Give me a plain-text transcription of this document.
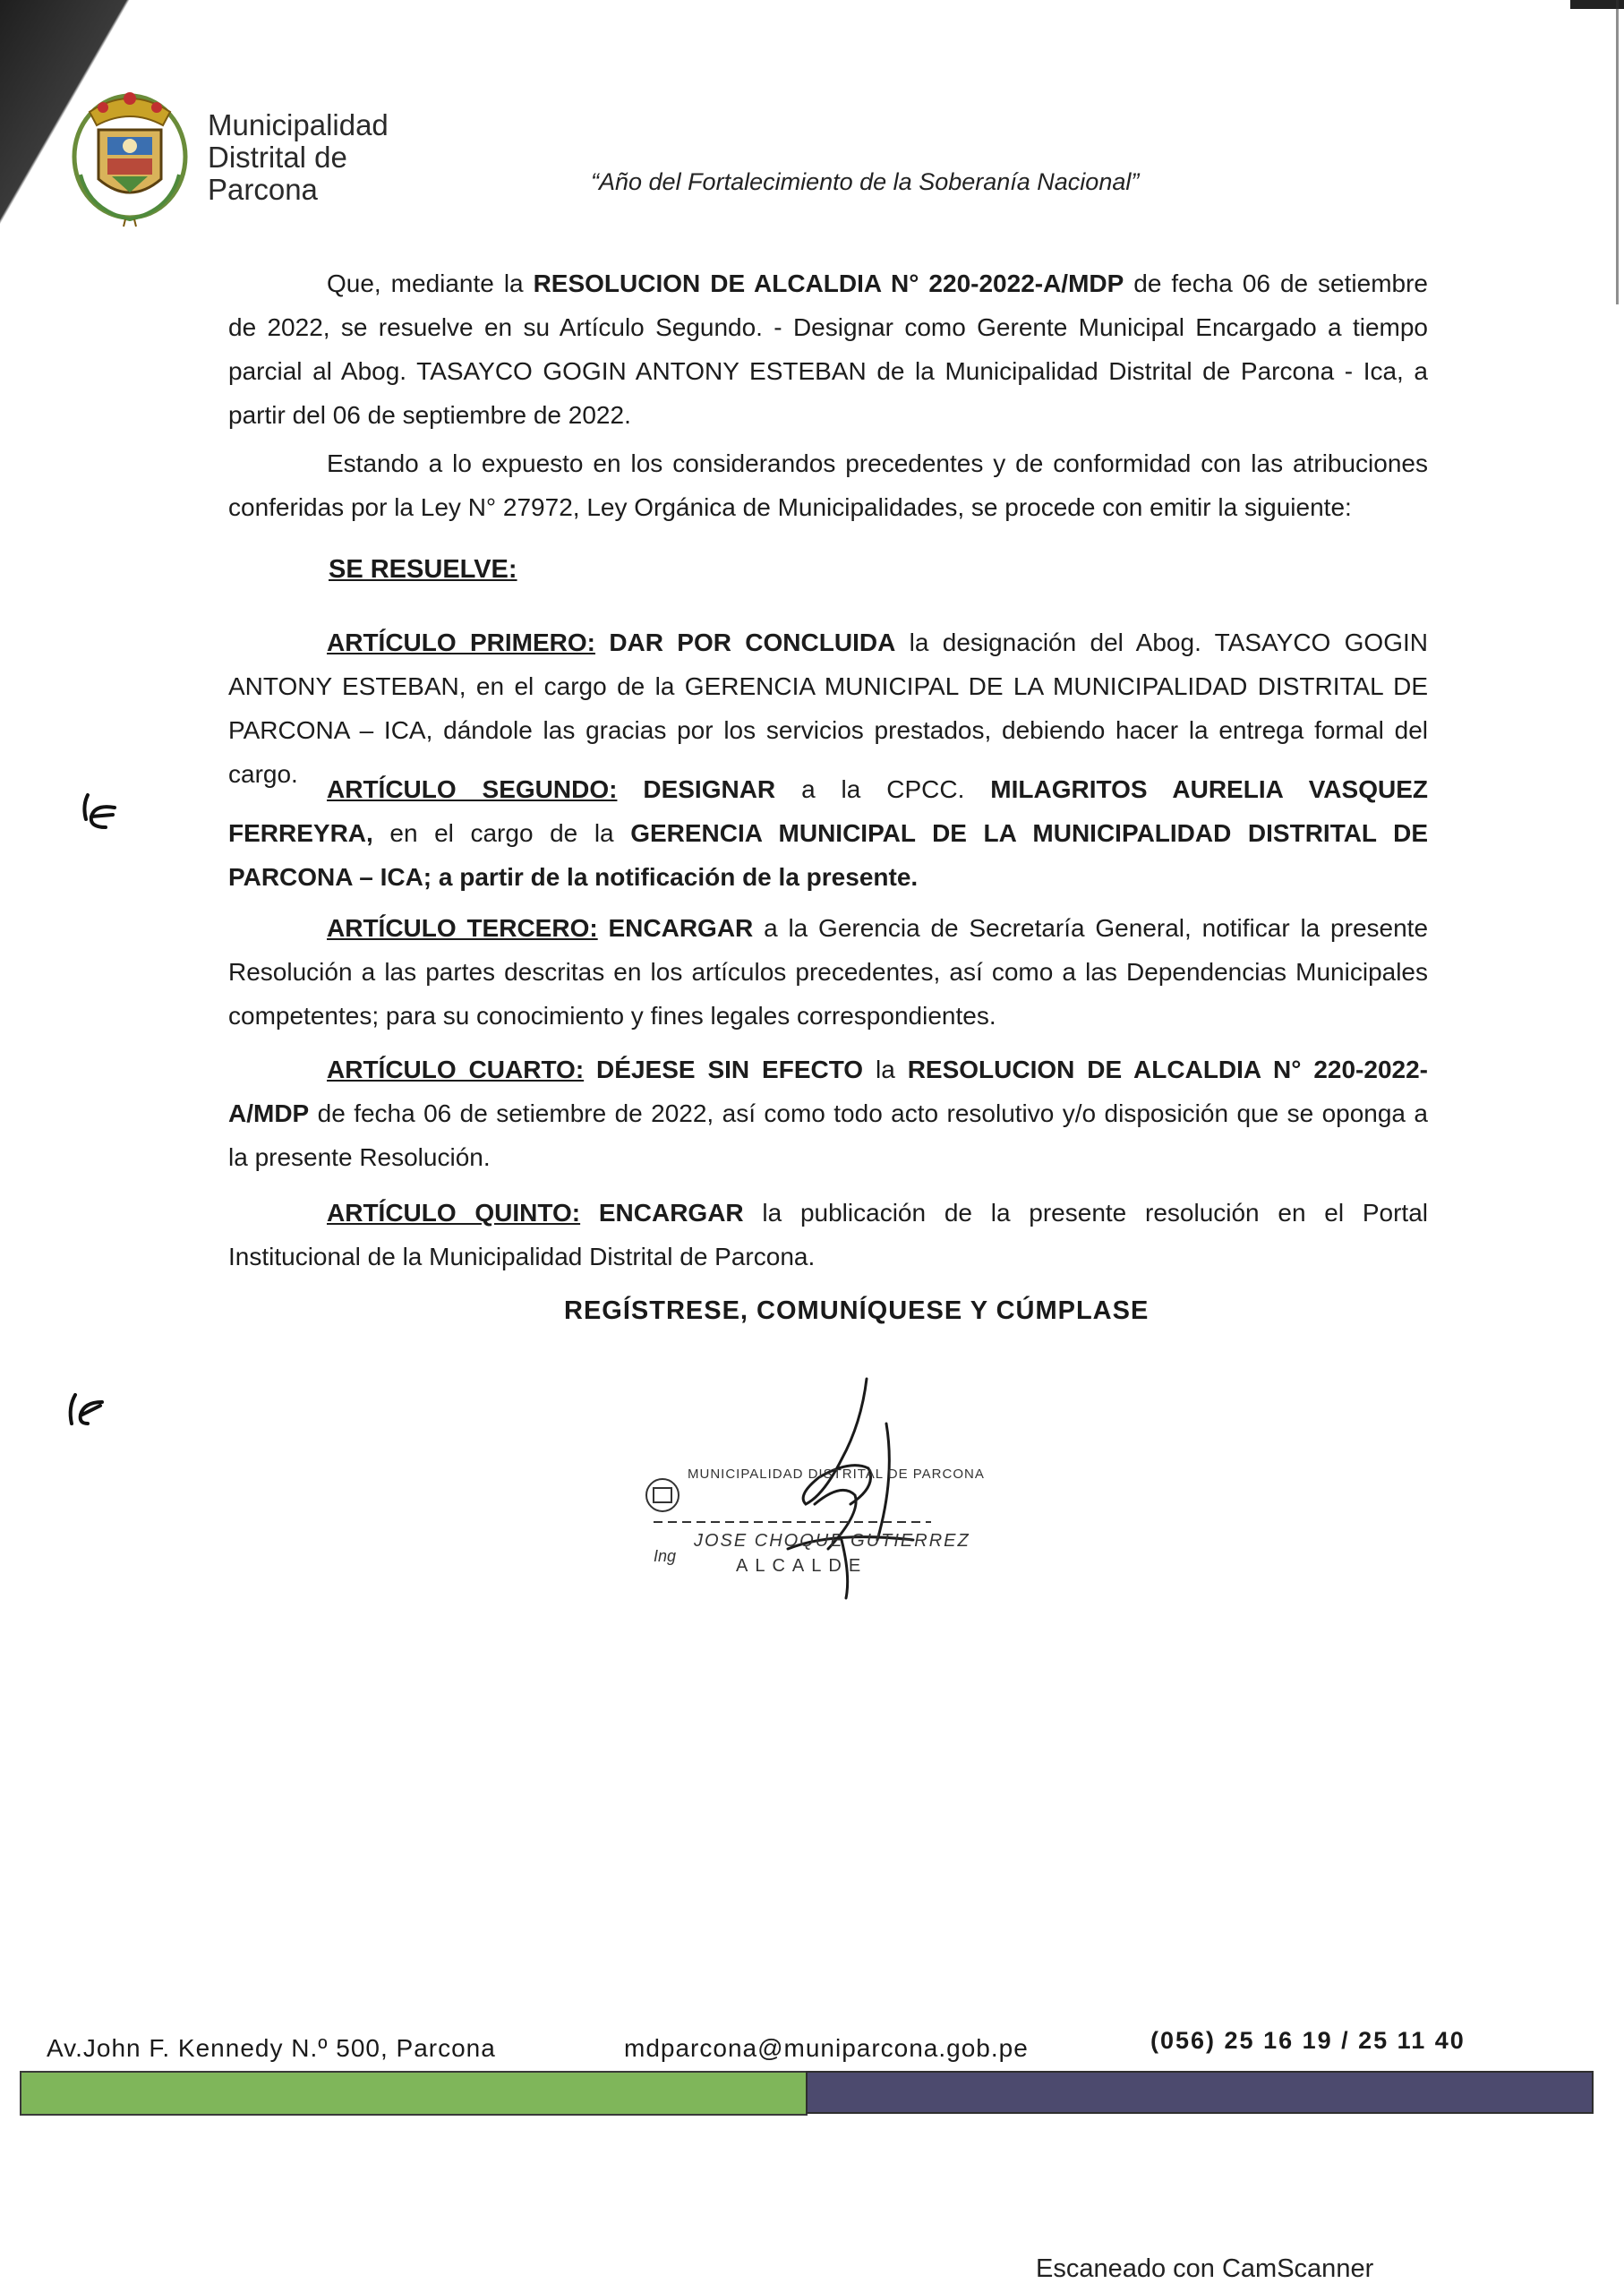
Municipalidad
Distrital de
Parcona	“Año del Fortalecimiento de la Soberanía Nacional”
Que, mediante la RESOLUCION DE ALCALDIA N° 220-2022-A/MDP de fecha 06 de setiembre de 2022, se resuelve en su Artículo Segundo. - Designar como Gerente Municipal Encargado a tiempo parcial al Abog. TASAYCO GOGIN ANTONY ESTEBAN de la Municipalidad Distrital de Parcona - Ica, a partir del 06 de septiembre de 2022.
Estando a lo expuesto en los considerandos precedentes y de conformidad con las atribuciones conferidas por la Ley N° 27972, Ley Orgánica de Municipalidades, se procede con emitir la siguiente:
SE RESUELVE:
ARTÍCULO PRIMERO: DAR POR CONCLUIDA la designación del Abog. TASAYCO GOGIN ANTONY ESTEBAN, en el cargo de la GERENCIA MUNICIPAL DE LA MUNICIPALIDAD DISTRITAL DE PARCONA – ICA, dándole las gracias por los servicios prestados, debiendo hacer la entrega formal del cargo.
ARTÍCULO SEGUNDO: DESIGNAR a la CPCC. MILAGRITOS AURELIA VASQUEZ FERREYRA, en el cargo de la GERENCIA MUNICIPAL DE LA MUNICIPALIDAD DISTRITAL DE PARCONA – ICA; a partir de la notificación de la presente.
ARTÍCULO TERCERO: ENCARGAR a la Gerencia de Secretaría General, notificar la presente Resolución a las partes descritas en los artículos precedentes, así como a las Dependencias Municipales competentes; para su conocimiento y fines legales correspondientes.
ARTÍCULO CUARTO: DÉJESE SIN EFECTO la RESOLUCION DE ALCALDIA N° 220-2022-A/MDP de fecha 06 de setiembre de 2022, así como todo acto resolutivo y/o disposición que se oponga a la presente Resolución.
ARTÍCULO QUINTO: ENCARGAR la publicación de la presente resolución en el Portal Institucional de la Municipalidad Distrital de Parcona.
REGÍSTRESE, COMUNÍQUESE Y CÚMPLASE
MUNICIPALIDAD DISTRITAL DE PARCONA
Ing
JOSE CHOQUE GUTIERREZ
ALCALDE
Av.John F. Kennedy N.º 500, Parcona	mdparcona@muniparcona.gob.pe	(056) 25 16 19 / 25 11 40
Escaneado con CamScanner
